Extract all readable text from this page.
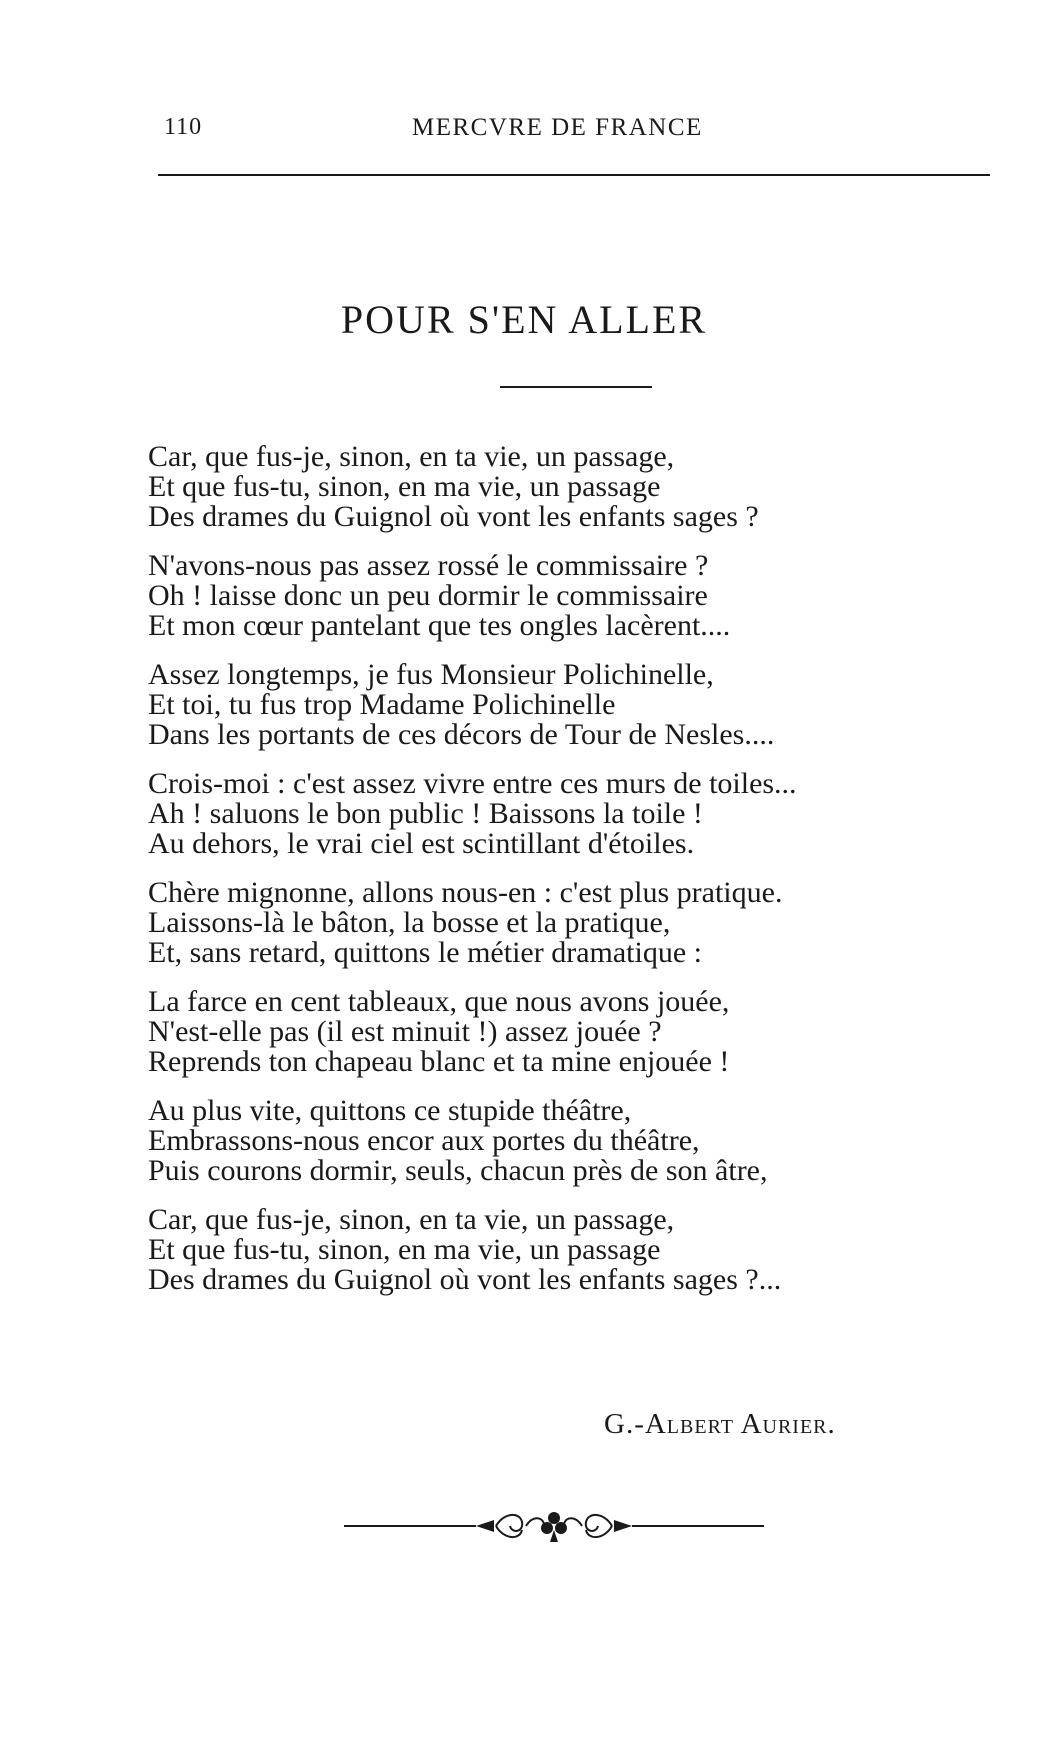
110	MERCVRE DE FRANCE
POUR S'EN ALLER
Car, que fus-je, sinon, en ta vie, un passage,
Et que fus-tu, sinon, en ma vie, un passage
Des drames du Guignol où vont les enfants sages ?
N'avons-nous pas assez rossé le commissaire ?
Oh ! laisse donc un peu dormir le commissaire
Et mon cœur pantelant que tes ongles lacèrent....
Assez longtemps, je fus Monsieur Polichinelle,
Et toi, tu fus trop Madame Polichinelle
Dans les portants de ces décors de Tour de Nesles....
Crois-moi : c'est assez vivre entre ces murs de toiles...
Ah ! saluons le bon public ! Baissons la toile !
Au dehors, le vrai ciel est scintillant d'étoiles.
Chère mignonne, allons nous-en : c'est plus pratique.
Laissons-là le bâton, la bosse et la pratique,
Et, sans retard, quittons le métier dramatique :
La farce en cent tableaux, que nous avons jouée,
N'est-elle pas (il est minuit !) assez jouée ?
Reprends ton chapeau blanc et ta mine enjouée !
Au plus vite, quittons ce stupide théâtre,
Embrassons-nous encor aux portes du théâtre,
Puis courons dormir, seuls, chacun près de son âtre,
Car, que fus-je, sinon, en ta vie, un passage,
Et que fus-tu, sinon, en ma vie, un passage
Des drames du Guignol où vont les enfants sages ?...
G.-Albert Aurier.
